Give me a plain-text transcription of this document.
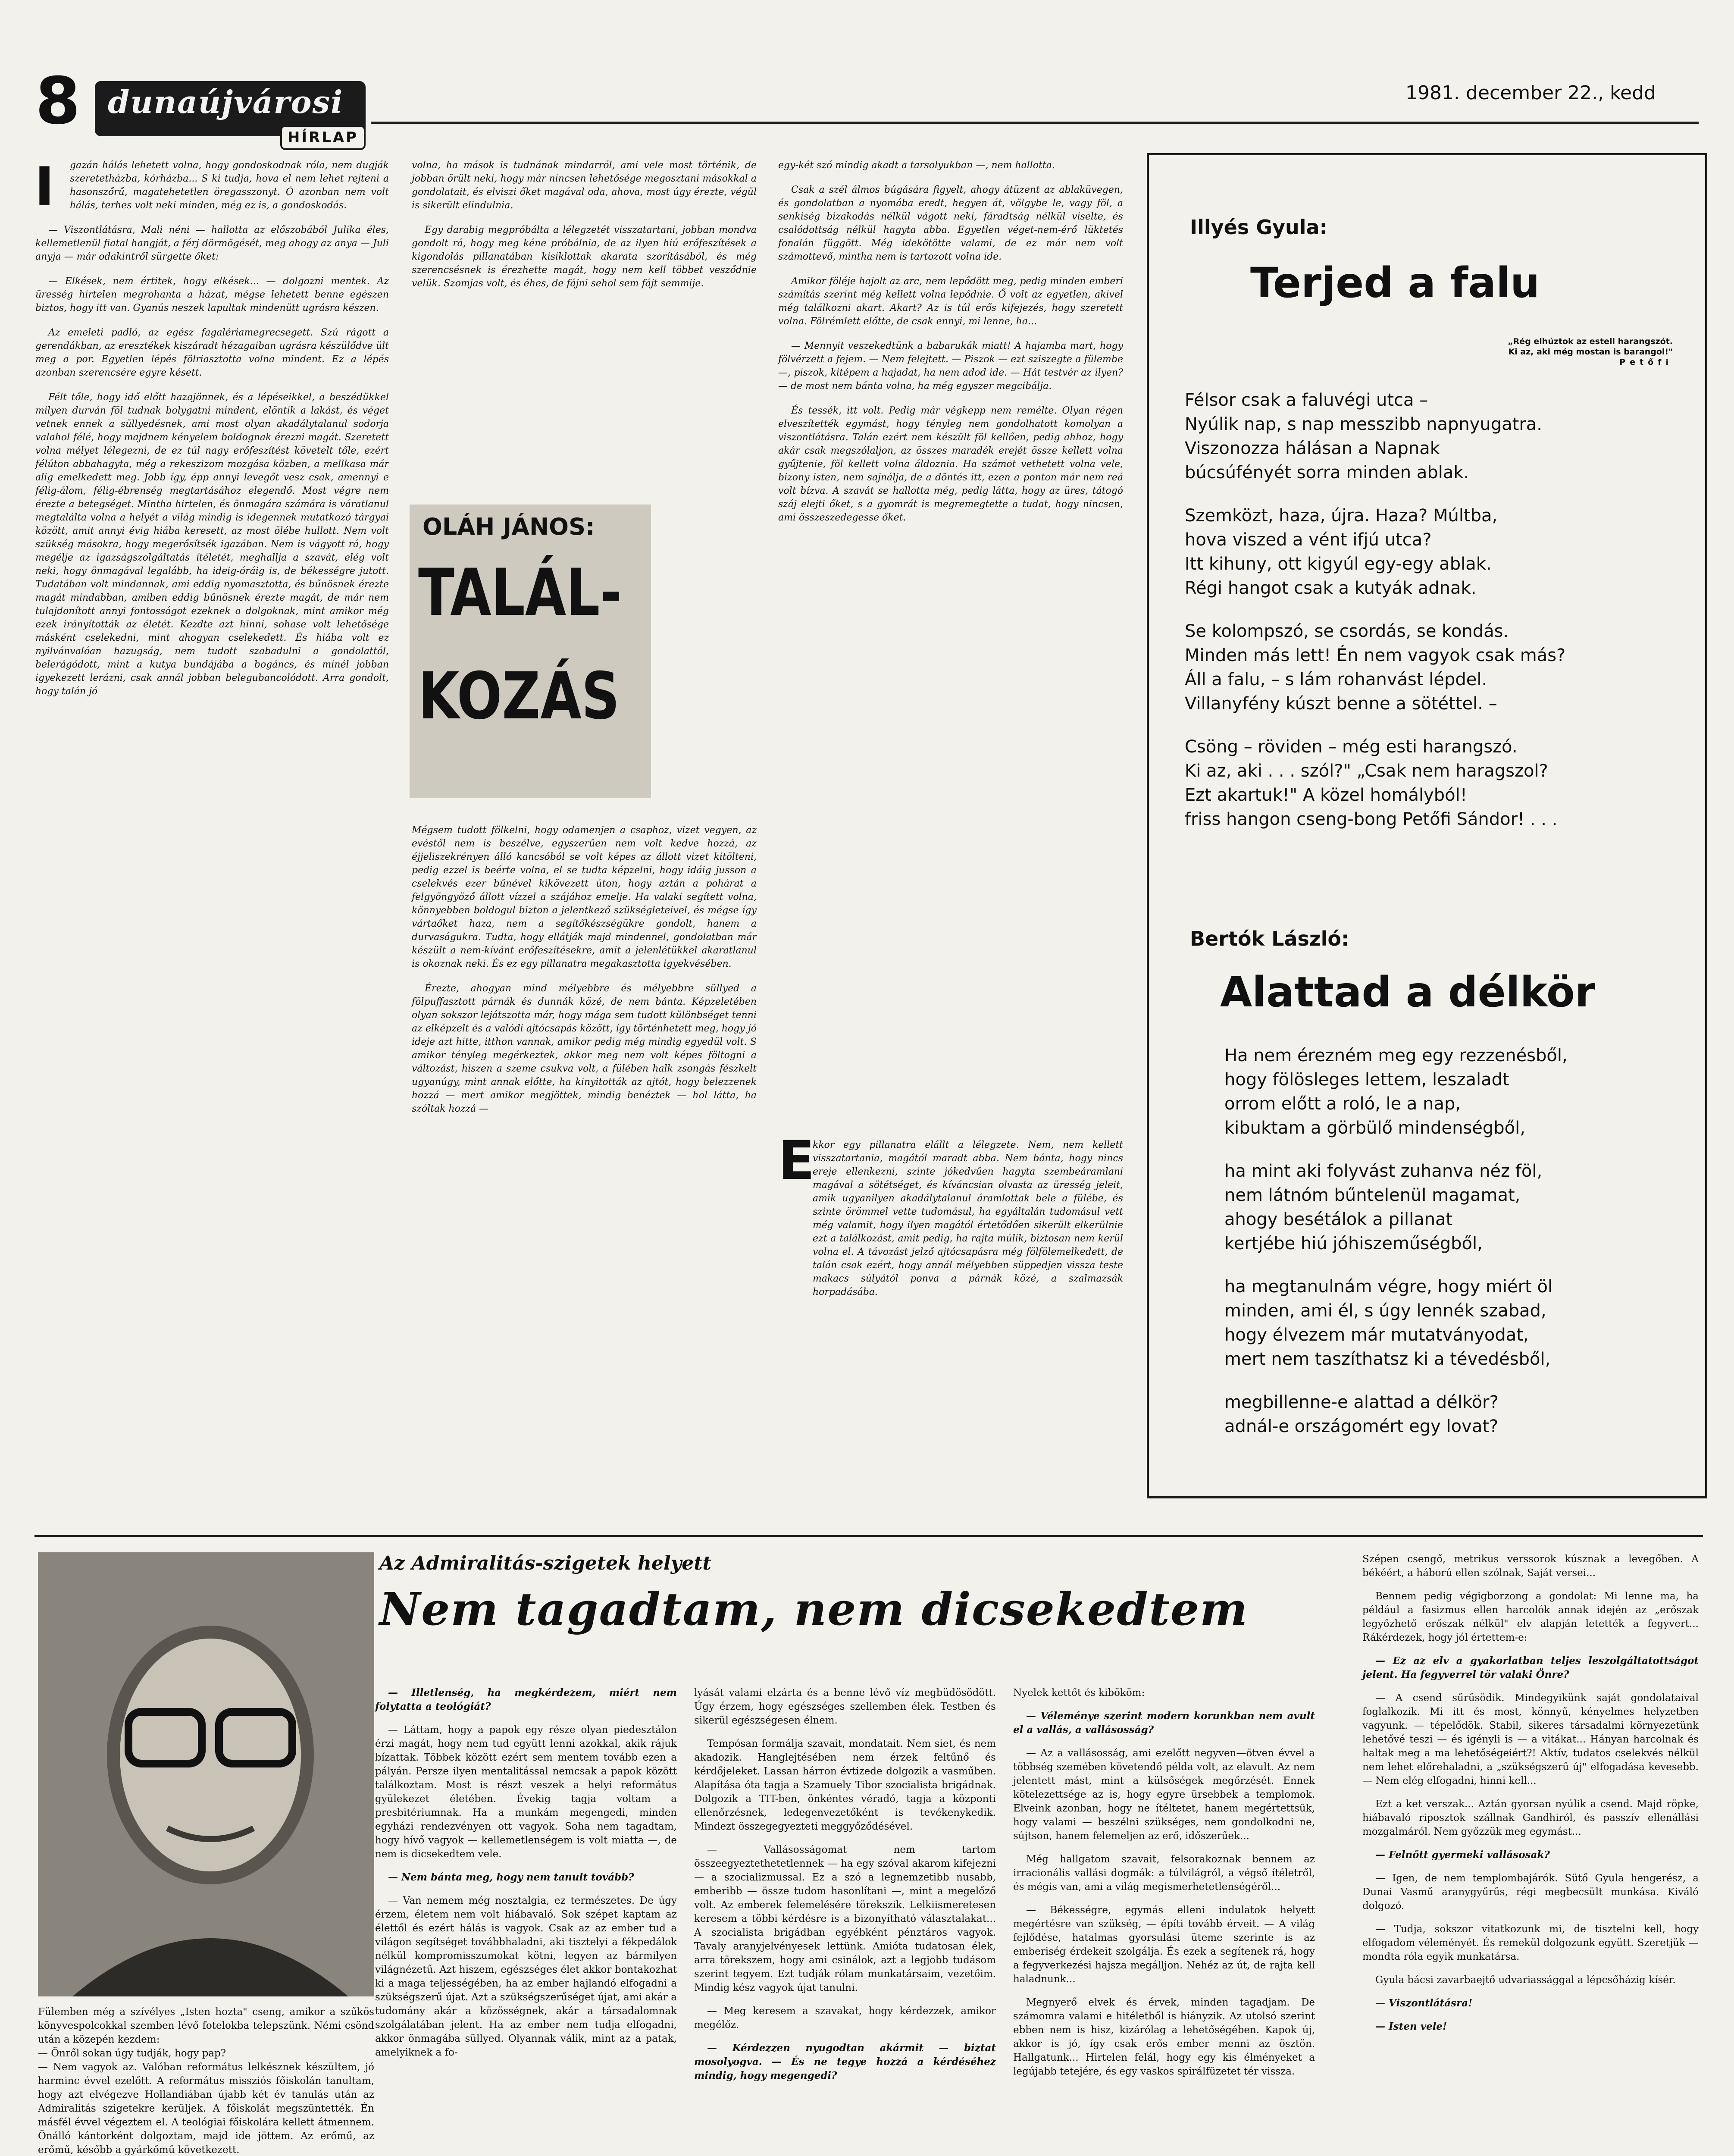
8 dunaújvárosi
HÍRLAP
1981. december 22., kedd
I	gazán hálás lehetett volna, hogy gondoskodnak róla, nem dugják szeretetházba, kórházba... S ki tudja, hova el nem lehet rejteni a hasonszőrű, magatehetetlen öregasszonyt. Ó azonban nem volt hálás, terhes volt neki minden, még ez is, a gondoskodás.

— Viszontlátásra, Mali néni — hallotta az előszobából Julika éles, kellemetlenül fiatal hangját, a férj dörmögését, meg ahogy az anya — Juli anyja — már odakintről sürgette őket:

— Elkések, nem értitek, hogy elkések... — dolgozni mentek. Az üresség hirtelen megrohanta a házat, mégse lehetett benne egészen biztos, hogy itt van. Gyanús neszek lapultak mindenütt ugrásra készen.

Az emeleti padló, az egész fagalériamegrecsegett. Szú rágott a gerendákban, az eresztékek kiszáradt hézagaiban ugrásra készülődve ült meg a por. Egyetlen lépés fölriasztotta volna mindent. Ez a lépés azonban szerencsére egyre késett.

Félt tőle, hogy idő előtt hazajönnek, és a lépéseikkel, a beszédükkel milyen durván föl tudnak bolygatni mindent, elöntik a lakást, és véget vetnek ennek a süllyedésnek, ami most olyan akadálytalanul sodorja valahol félé, hogy majdnem kényelem boldognak érezni magát. Szeretett volna mélyet lélegezni, de ez túl nagy erőfeszítést követelt tőle, ezért félúton abbahagyta, még a rekeszizom mozgása közben, a mellkasa már alig emelkedett meg. Jobb így, épp annyi levegőt vesz csak, amennyi e félig-álom, félig-ébrenség megtartásához elegendő. Most végre nem érezte a betegséget. Mintha hirtelen, és önmagára számára is váratlanul megtalálta volna a helyét a világ mindig is idegennek mutatkozó tárgyai között, amit annyi évig hiába keresett, az most ölébe hullott. Nem volt szükség másokra, hogy megerősítsék igazában. Nem is vágyott rá, hogy megélje az igazságszolgáltatás ítéletét, meghallja a szavát, elég volt neki, hogy önmagával legalább, ha ideig-óráig is, de békességre jutott. Tudatában volt mindannak, ami eddig nyomasztotta, és bűnösnek érezte magát mindabban, amiben eddig bűnösnek érezte magát, de már nem tulajdonított annyi fontosságot ezeknek a dolgoknak, mint amikor még ezek irányították az életét. Kezdte azt hinni, sohase volt lehetősége másként cselekedni, mint ahogyan cselekedett. És hiába volt ez nyilvánvalóan hazugság, nem tudott szabadulni a gondolattól, belerágódott, mint a kutya bundájába a bogáncs, és minél jobban igyekezett lerázni, csak annál jobban belegubancolódott. Arra gondolt, hogy talán jó

volna, ha mások is tudnának mindarról, ami vele most történik, de jobban örült neki, hogy már nincsen lehetősége megosztani másokkal a gondolatait, és elviszi őket magával oda, ahova, most úgy érezte, végül is sikerült elindulnia.

Egy darabig megpróbálta a lélegzetét visszatartani, jobban mondva gondolt rá, hogy meg kéne próbálnia, de az ilyen hiú erőfeszítések a kigondolás pillanatában kisiklottak akarata szorításából, és még szerencsésnek is érezhette magát, hogy nem kell többet vesződnie velük. Szomjas volt, és éhes, de fájni sehol sem fájt semmije.

OLÁH JÁNOS:
TALÁL-
KOZÁS

Mégsem tudott fölkelni, hogy odamenjen a csaphoz, vizet vegyen, az evéstől nem is beszélve, egyszerűen nem volt kedve hozzá, az éjjeliszekrényen álló kancsóból se volt képes az állott vizet kitölteni, pedig ezzel is beérte volna, el se tudta képzelni, hogy idáig jusson a cselekvés ezer bűnével kikövezett úton, hogy aztán a pohárat a felgyöngyöző állott vízzel a szájához emelje. Ha valaki segített volna, könnyebben boldogul bizton a jelentkező szükségleteivel, és mégse így vártaőket haza, nem a segítőkészségükre gondolt, hanem a durvaságukra. Tudta, hogy ellátják majd mindennel, gondolatban már készült a nem-kívánt erőfeszítésekre, amit a jelenlétükkel akaratlanul is okoznak neki. És ez egy pillanatra megakasztotta igyekvésében.

Érezte, ahogyan mind mélyebbre és mélyebbre süllyed a fölpuffasztott párnák és dunnák közé, de nem bánta. Képzeletében olyan sokszor lejátszotta már, hogy mága sem tudott különbséget tenni az elképzelt és a valódi ajtócsapás között, így történhetett meg, hogy jó ideje azt hitte, itthon vannak, amikor pedig még mindig egyedül volt. S amikor tényleg megérkeztek, akkor meg nem volt képes föltogni a változást, hiszen a szeme csukva volt, a fülében halk zsongás fészkelt ugyanúgy, mint annak előtte, ha kinyitották az ajtót, hogy belezzenek hozzá — mert amikor megjöttek, mindig benéztek — hol látta, ha szóltak hozzá —

egy-két szó mindig akadt a tarsolyukban —, nem hallotta.

Csak a szél álmos búgására figyelt, ahogy átüzent az ablaküvegen, és gondolatban a nyomába eredt, hegyen át, völgybe le, vagy föl, a senkiség bizakodás nélkül vágott neki, fáradtság nélkül viselte, és csalódottság nélkül hagyta abba. Egyetlen véget-nem-érő lüktetés fonalán függött. Még idekötötte valami, de ez már nem volt számottevő, mintha nem is tartozott volna ide.

Amikor föléje hajolt az arc, nem lepődött meg, pedig minden emberi számítás szerint még kellett volna lepődnie. Ő volt az egyetlen, akivel még találkozni akart. Akart? Az is túl erős kifejezés, hogy szeretett volna. Fölrémlett előtte, de csak ennyi, mi lenne, ha...

— Mennyit veszekedtünk a babarukák miatt! A hajamba mart, hogy fölvérzett a fejem. — Nem felejtett. — Piszok — ezt sziszegte a fülembe —, piszok, kitépem a hajadat, ha nem adod ide. — Hát testvér az ilyen? — de most nem bánta volna, ha még egyszer megcibálja.

És tessék, itt volt. Pedig már végkepp nem remélte. Olyan régen elveszítették egymást, hogy tényleg nem gondolhatott komolyan a viszontlátásra. Talán ezért nem készült föl kellően, pedig ahhoz, hogy akár csak megszólaljon, az összes maradék erejét össze kellett volna gyűjtenie, föl kellett volna áldoznia. Ha számot vethetett volna vele, bizony isten, nem sajnálja, de a döntés itt, ezen a ponton már nem reá volt bízva. A szavát se hallotta még, pedig látta, hogy az üres, tátogó száj elejti őket, s a gyomrát is megremegtette a tudat, hogy nincsen, ami összeszedegesse őket.

E

kkor egy pillanatra elállt a lélegzete. Nem, nem kellett visszatartania, magától maradt abba. Nem bánta, hogy nincs ereje ellenkezni, szinte jókedvűen hagyta szembeáramlani magával a sötétséget, és kíváncsian olvasta az üresség jeleit, amik ugyanilyen akadálytalanul áramlottak bele a fülébe, és szinte örömmel vette tudomásul, ha egyáltalán tudomásul vett még valamit, hogy ilyen magától értetődően sikerült elkerülnie ezt a találkozást, amit pedig, ha rajta múlik, biztosan nem kerül volna el. A távozást jelző ajtócsapásra még fölfölemelkedett, de talán csak ezért, hogy annál mélyebben süppedjen vissza teste makacs súlyától ponva a párnák közé, a szalmazsák horpadásába.

Illyés Gyula:
Terjed a falu
„Rég elhúztok az estell harangszót.
Ki az, aki még mostan is barangol!"
Petőfi
Félsor csak a faluvégi utca –
Nyúlik nap, s nap messzibb napnyugatra.
Viszonozza hálásan a Napnak
búcsúfényét sorra minden ablak.
Szemközt, haza, újra. Haza? Múltba,
hova viszed a vént ifjú utca?
Itt kihuny, ott kigyúl egy-egy ablak.
Régi hangot csak a kutyák adnak.
Se kolompszó, se csordás, se kondás.
Minden más lett! Én nem vagyok csak más?
Áll a falu, – s lám rohanvást lépdel.
Villanyfény kúszt benne a sötéttel. –
Csöng – röviden – még esti harangszó.
Ki az, aki . . . szól?" „Csak nem haragszol?
Ezt akartuk!" A közel homályból!
friss hangon cseng-bong Petőfi Sándor! . . .
Bertók László:
Alattad a délkör
Ha nem érezném meg egy rezzenésből,
hogy fölösleges lettem, leszaladt
orrom előtt a roló, le a nap,
kibuktam a görbülő mindenségből,
ha mint aki folyvást zuhanva néz föl,
nem látnóm bűntelenül magamat,
ahogy besétálok a pillanat
kertjébe hiú jóhiszeműségből,
ha megtanulnám végre, hogy miért öl
minden, ami él, s úgy lennék szabad,
hogy élvezem már mutatványodat,
mert nem taszíthatsz ki a tévedésből,
megbillenne-e alattad a délkör?
adnál-e országomért egy lovat?
Fülemben még a szívélyes „Isten hozta" cseng, amikor a szűkös könyvespolcokkal szemben lévő fotelokba telepszünk. Némi csönd után a közepén kezdem:
— Önről sokan úgy tudják, hogy pap?
— Nem vagyok az. Valóban református lelkésznek készültem, jó harminc évvel ezelőtt. A református missziós főiskolán tanultam, hogy azt elvégezve Hollandiában újabb két év tanulás után az Admiralitás szigetekre kerüljek. A főiskolát megszüntették. Én másfél évvel végeztem el. A teológiai főiskolára kellett átmennem. Önálló kántorként dolgoztam, majd ide jöttem. Az erőmű, az erőmű, később a gyárkőmű következett.
Az Admiralitás-szigetek helyett
Nem tagadtam, nem dicsekedtem

— Illetlenség, ha megkérdezem, miért nem folytatta a teológiát?

— Láttam, hogy a papok egy része olyan piedesztálon érzi magát, hogy nem tud együtt lenni azokkal, akik rájuk bízattak. Többek között ezért sem mentem tovább ezen a pályán. Persze ilyen mentalitással nemcsak a papok között találkoztam. Most is részt veszek a helyi református gyülekezet életében. Évekig tagja voltam a presbitériumnak. Ha a munkám megengedi, minden egyházi rendezvényen ott vagyok. Soha nem tagadtam, hogy hívő vagyok — kellemetlenségem is volt miatta —, de nem is dicsekedtem vele.

— Nem bánta meg, hogy nem tanult tovább?

— Van nemem még nosztalgia, ez természetes. De úgy érzem, életem nem volt hiábavaló. Sok szépet kaptam az élettől és ezért hálás is vagyok. Csak az az ember tud a világon segítséget továbbhaladni, aki tisztelyi a fékpedálok nélkül kompromisszumokat kötni, legyen az bármilyen világnézetű. Azt hiszem, egészséges élet akkor bontakozhat ki a maga teljességében, ha az ember hajlandó elfogadni a szükségszerű újat. Azt a szükségszerűséget újat, ami akár a tudomány akár a közösségnek, akár a társadalomnak szolgálatában jelent. Ha az ember nem tudja elfogadni, akkor önmagába süllyed. Olyannak válik, mint az a patak, amelyiknek a fo-

lyását valami elzárta és a benne lévő víz megbüdösödött. Úgy érzem, hogy egészséges szellemben élek. Testben és sikerül egészségesen élnem.

Tempósan formálja szavait, mondatait. Nem siet, és nem akadozik. Hanglejtésében nem érzek feltűnő és kérdőjeleket. Lassan hárron évtizede dolgozik a vasműben. Alapítása óta tagja a Szamuely Tibor szocialista brigádnak. Dolgozik a TIT-ben, önkéntes véradó, tagja a központi ellenőrzésnek, ledegenvezetőként is tevékenykedik. Mindezt összegegyezteti meggyőződésével.

— Vallásosságomat nem tartom összeegyeztethetetlennek — ha egy szóval akarom kifejezni — a szocializmussal. Ez a szó a legnemzetibb nusabb, emberibb — össze tudom hasonlítani —, mint a megelőző volt. Az emberek felemelésére törekszik. Lelkiismeretesen keresem a többi kérdésre is a bizonyítható választalakat... A szocialista brigádban egyébként pénztáros vagyok. Tavaly aranyjelvényesek lettünk. Amióta tudatosan élek, arra törekszem, hogy ami csinálok, azt a legjobb tudásom szerint tegyem. Ezt tudják rólam munkatársaim, vezetőim. Mindig kész vagyok újat tanulni.

— Meg keresem a szavakat, hogy kérdezzek, amikor megélőz.

— Kérdezzen nyugodtan akármit — biztat mosolyogva. — És ne tegye hozzá a kérdéséhez mindig, hogy megengedi?

Nyelek kettőt és kibököm:

— Véleménye szerint modern korunkban nem avult el a vallás, a vallásosság?

— Az a vallásosság, ami ezelőtt negyven—ötven évvel a többség szemében követendő példa volt, az elavult. Az nem jelentett mást, mint a külsőségek megőrzését. Ennek kötelezettsége az is, hogy egyre ürsebbek a templomok. Elveink azonban, hogy ne ítéltetet, hanem megértettsük, hogy valami — beszélni szükséges, nem gondolkodni ne, sújtson, hanem felemeljen az erő, időszerűek...

Még hallgatom szavait, felsorakoznak bennem az irracionális vallási dogmák: a túlvilágról, a végső ítéletről, és mégis van, ami a világ megismerhetetlenségéről...

— Békességre, egymás elleni indulatok helyett megértésre van szükség, — építi tovább érveit. — A világ fejlődése, hatalmas gyorsulási üteme szerinte is az emberiség érdekeit szolgálja. És ezek a segítenek rá, hogy a fegyverkezési hajsza megálljon. Nehéz az út, de rajta kell haladnunk...

Megnyerő elvek és érvek, minden tagadjam. De számomra valami e hitéletből is hiányzik. Az utolsó szerint ebben nem is hisz, kizárólag a lehetőségében. Kapok új, akkor is jó, így csak erős ember menni az ösztön. Hallgatunk... Hirtelen felál, hogy egy kis élményeket a legújabb tetejére, és egy vaskos spirálfüzetet tér vissza.

Szépen csengő, metrikus verssorok kúsznak a levegőben. A békéért, a háború ellen szólnak, Saját versei...

Bennem pedig végigborzong a gondolat: Mi lenne ma, ha például a fasizmus ellen harcolók annak idején az „erőszak legyőzhető erőszak nélkül" elv alapján letették a fegyvert... Rákérdezek, hogy jól értettem-e:

— Ez az elv a gyakorlatban teljes leszolgáltatottságot jelent. Ha fegyverrel tör valaki Önre?

— A csend sűrűsödik. Mindegyikünk saját gondolataival foglalkozik. Mi itt és most, könnyű, kényelmes helyzetben vagyunk. — tépelődök. Stabil, sikeres társadalmi környezetünk lehetővé teszi — és igényli is — a vitákat... Hányan harcolnak és haltak meg a ma lehetőségeiért?! Aktív, tudatos cselekvés nélkül nem lehet előrehaladni, a „szükségszerű új" elfogadása kevesebb. — Nem elég elfogadni, hinni kell...

Ezt a ket verszak... Aztán gyorsan nyúlik a csend. Majd röpke, hiábavaló riposztok szállnak Gandhiról, és passzív ellenállási mozgalmáról. Nem győzzük meg egymást...

— Felnőtt gyermeki vallásosak?

— Igen, de nem templombajárók. Sütő Gyula hengerész, a Dunai Vasmű aranygyűrűs, régi megbecsült munkása. Kiváló dolgozó.

— Tudja, sokszor vitatkozunk mi, de tisztelni kell, hogy elfogadom véleményét. És remekül dolgozunk együtt. Szeretjük — mondta róla egyik munkatársa.

Gyula bácsi zavarbaejtő udvariassággal a lépcsőházig kísér.

— Viszontlátásra!

— Isten vele!
